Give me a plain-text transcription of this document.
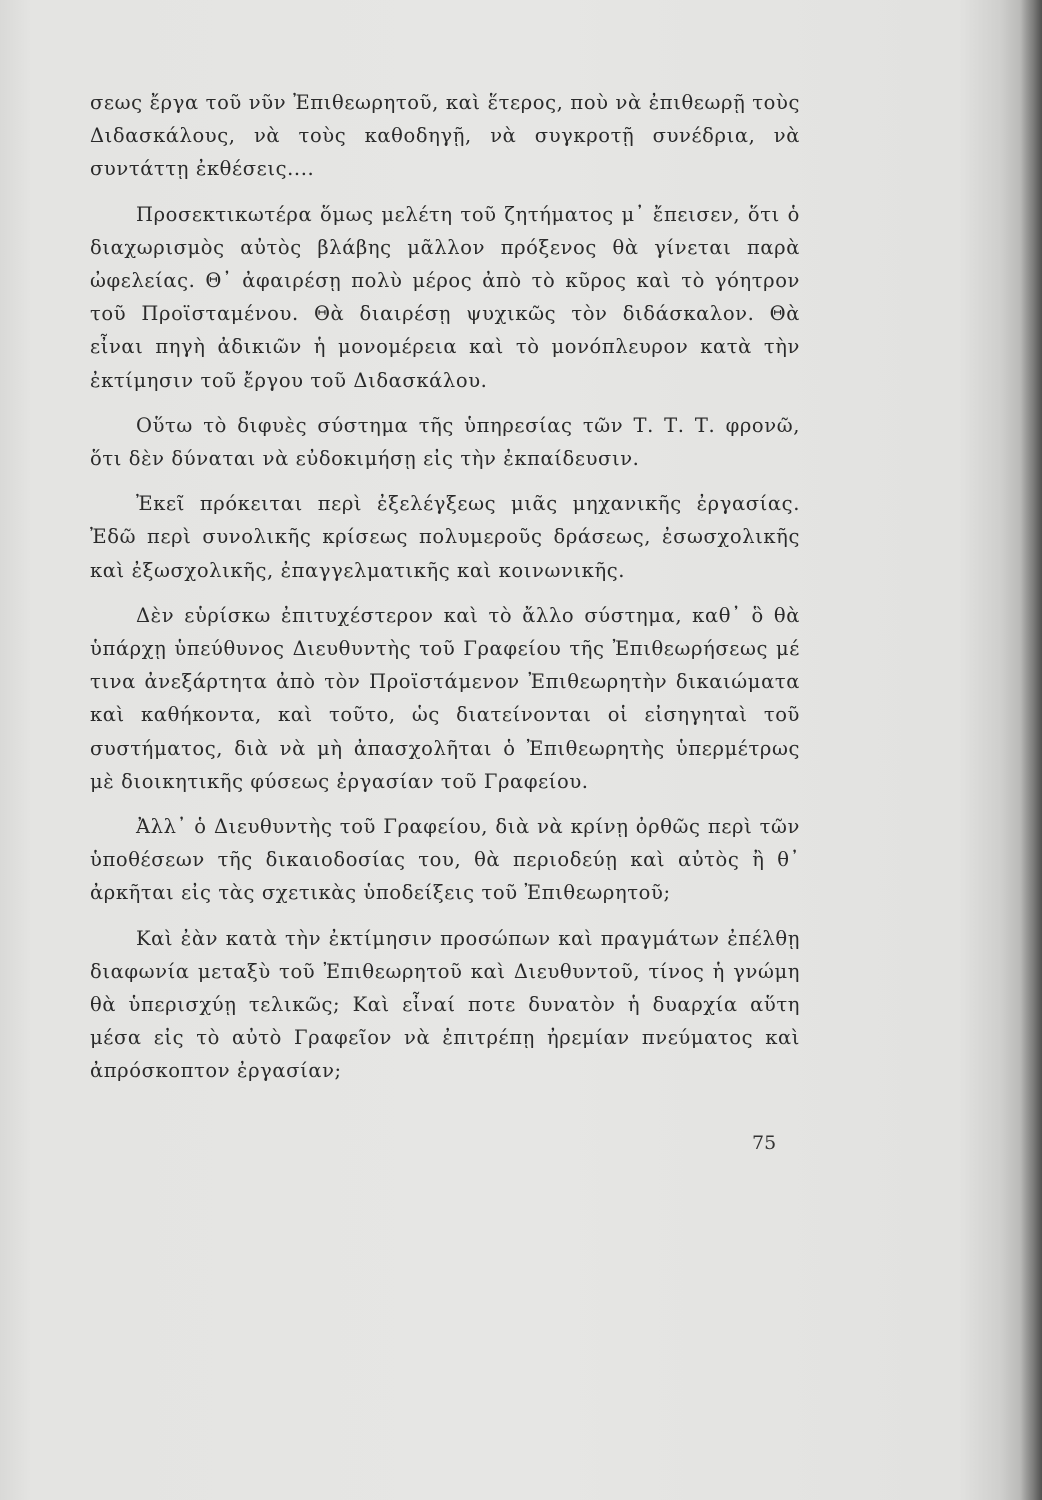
σεως ἔργα τοῦ νῦν Ἐπιθεωρητοῦ, καὶ ἕτερος, ποὺ νὰ ἐπιθεωρῇ τοὺς Διδασκάλους, νὰ τοὺς καθοδηγῇ, νὰ συγκροτῇ συνέδρια, νὰ συντάττῃ ἐκθέσεις....

Προσεκτικωτέρα ὅμως μελέτη τοῦ ζητήματος μ᾽ ἔπεισεν, ὅτι ὁ διαχωρισμὸς αὐτὸς βλάβης μᾶλλον πρόξενος θὰ γίνεται παρὰ ὠφελείας. Θ᾽ ἀφαιρέσῃ πολὺ μέρος ἀπὸ τὸ κῦρος καὶ τὸ γόητρον τοῦ Προϊσταμένου. Θὰ διαιρέσῃ ψυχικῶς τὸν διδάσκαλον. Θὰ εἶναι πηγὴ ἀδικιῶν ἡ μονομέρεια καὶ τὸ μονόπλευρον κατὰ τὴν ἐκτίμησιν τοῦ ἔργου τοῦ Διδασκάλου.

Οὕτω τὸ διφυὲς σύστημα τῆς ὑπηρεσίας τῶν Τ. Τ. Τ. φρονῶ, ὅτι δὲν δύναται νὰ εὐδοκιμήσῃ εἰς τὴν ἐκπαίδευσιν.

Ἐκεῖ πρόκειται περὶ ἐξελέγξεως μιᾶς μηχανικῆς ἐργασίας. Ἐδῶ περὶ συνολικῆς κρίσεως πολυμεροῦς δράσεως, ἐσωσχολικῆς καὶ ἐξωσχολικῆς, ἐπαγγελματικῆς καὶ κοινωνικῆς.

Δὲν εὑρίσκω ἐπιτυχέστερον καὶ τὸ ἄλλο σύστημα, καθ᾽ ὃ θὰ ὑπάρχῃ ὑπεύθυνος Διευθυντὴς τοῦ Γραφείου τῆς Ἐπιθεωρήσεως μέ τινα ἀνεξάρτητα ἀπὸ τὸν Προϊστάμενον Ἐπιθεωρητὴν δικαιώματα καὶ καθήκοντα, καὶ τοῦτο, ὡς διατείνονται οἱ εἰσηγηταὶ τοῦ συστήματος, διὰ νὰ μὴ ἀπασχολῆται ὁ Ἐπιθεωρητὴς ὑπερμέτρως μὲ διοικητικῆς φύσεως ἐργασίαν τοῦ Γραφείου.

Ἀλλ᾽ ὁ Διευθυντὴς τοῦ Γραφείου, διὰ νὰ κρίνῃ ὀρθῶς περὶ τῶν ὑποθέσεων τῆς δικαιοδοσίας του, θὰ περιοδεύῃ καὶ αὐτὸς ἢ θ᾽ ἀρκῆται εἰς τὰς σχετικὰς ὑποδείξεις τοῦ Ἐπιθεωρητοῦ;

Καὶ ἐὰν κατὰ τὴν ἐκτίμησιν προσώπων καὶ πραγμάτων ἐπέλθῃ διαφωνία μεταξὺ τοῦ Ἐπιθεωρητοῦ καὶ Διευθυντοῦ, τίνος ἡ γνώμη θὰ ὑπερισχύῃ τελικῶς; Καὶ εἶναί ποτε δυνατὸν ἡ δυαρχία αὕτη μέσα εἰς τὸ αὐτὸ Γραφεῖον νὰ ἐπιτρέπῃ ἠρεμίαν πνεύματος καὶ ἀπρόσκοπτον ἐργασίαν;

75
